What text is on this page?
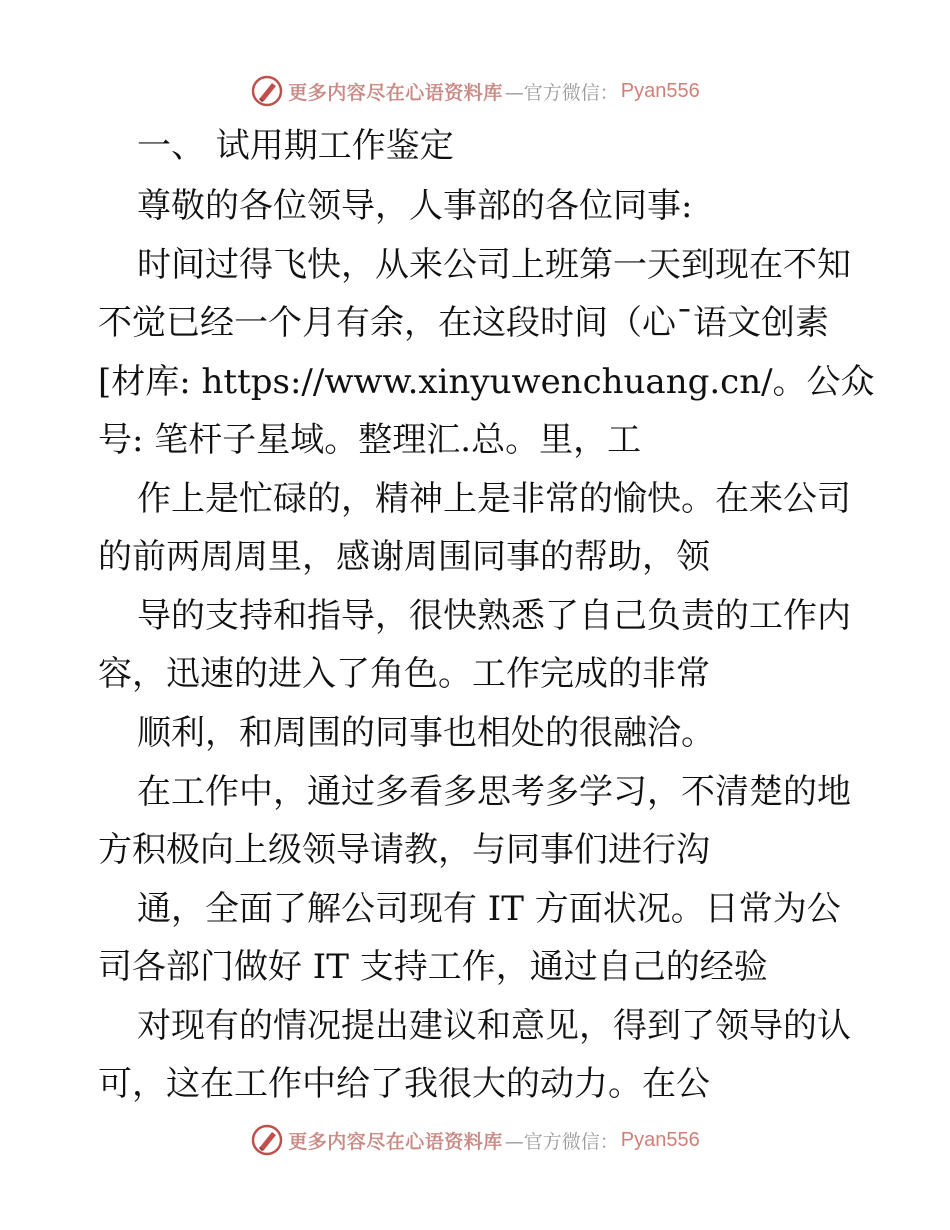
更多内容尽在心语资料库 —官方微信： Pyan556

一、 试用期工作鉴定

尊敬的各位领导，人事部的各位同事:

时间过得飞快，从来公司上班第一天到现在不知

不觉已经一个月有余，在这段时间（心¯语文创素

[材库: https://www.xinyuwenchuang.cn/。公众

号: 笔杆子星域。整理汇.总。里，工

作上是忙碌的，精神上是非常的愉快。在来公司

的前两周周里，感谢周围同事的帮助，领

导的支持和指导，很快熟悉了自己负责的工作内

容，迅速的进入了角色。工作完成的非常

顺利，和周围的同事也相处的很融洽。

在工作中，通过多看多思考多学习，不清楚的地

方积极向上级领导请教，与同事们进行沟

通，全面了解公司现有 IT 方面状况。日常为公

司各部门做好 IT 支持工作，通过自己的经验

对现有的情况提出建议和意见，得到了领导的认

可，这在工作中给了我很大的动力。在公

更多内容尽在心语资料库 —官方微信： Pyan556
